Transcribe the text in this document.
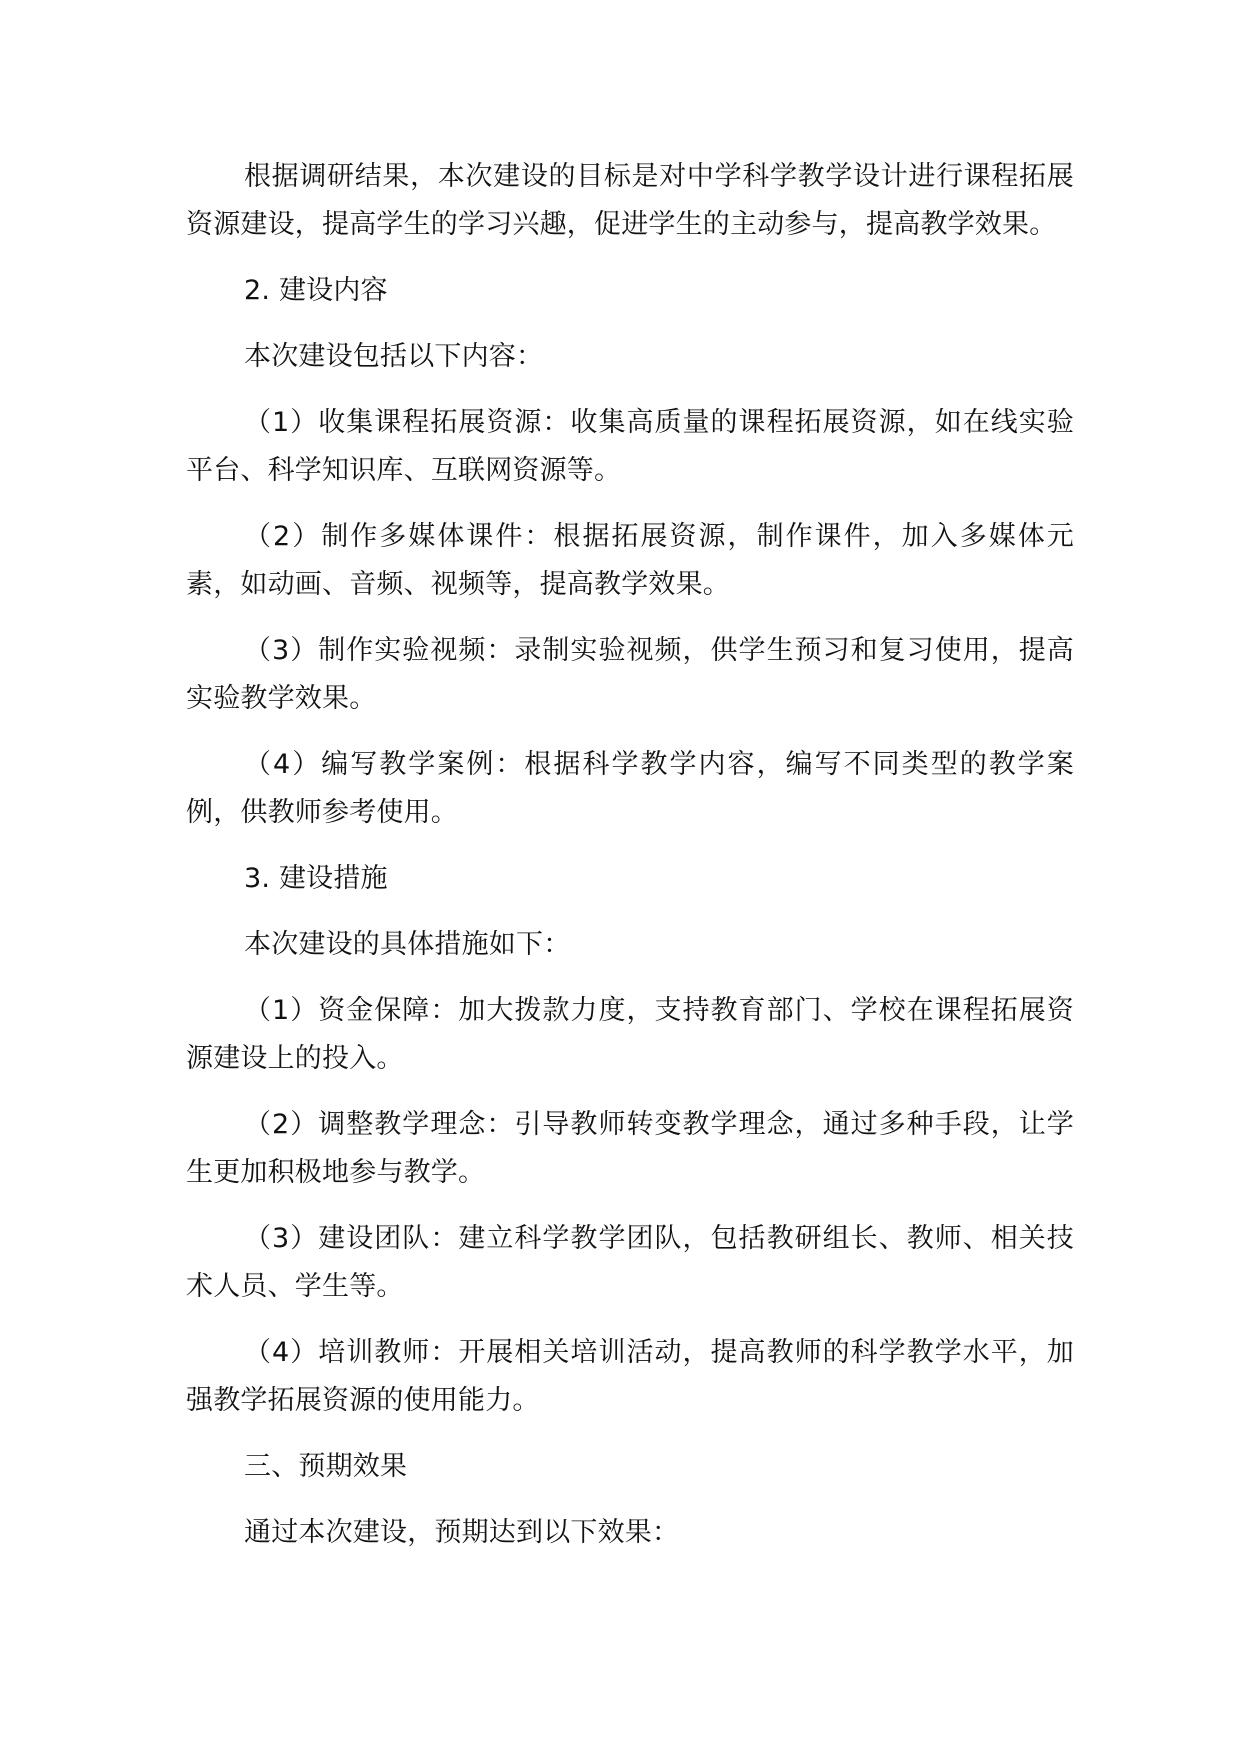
根据调研结果，本次建设的目标是对中学科学教学设计进行课程拓展资源建设，提高学生的学习兴趣，促进学生的主动参与，提高教学效果。

2. 建设内容

本次建设包括以下内容：

（1）收集课程拓展资源：收集高质量的课程拓展资源，如在线实验平台、科学知识库、互联网资源等。

（2）制作多媒体课件：根据拓展资源，制作课件，加入多媒体元素，如动画、音频、视频等，提高教学效果。

（3）制作实验视频：录制实验视频，供学生预习和复习使用，提高实验教学效果。

（4）编写教学案例：根据科学教学内容，编写不同类型的教学案例，供教师参考使用。

3. 建设措施

本次建设的具体措施如下：

（1）资金保障：加大拨款力度，支持教育部门、学校在课程拓展资源建设上的投入。

（2）调整教学理念：引导教师转变教学理念，通过多种手段，让学生更加积极地参与教学。

（3）建设团队：建立科学教学团队，包括教研组长、教师、相关技术人员、学生等。

（4）培训教师：开展相关培训活动，提高教师的科学教学水平，加强教学拓展资源的使用能力。

三、预期效果

通过本次建设，预期达到以下效果：
